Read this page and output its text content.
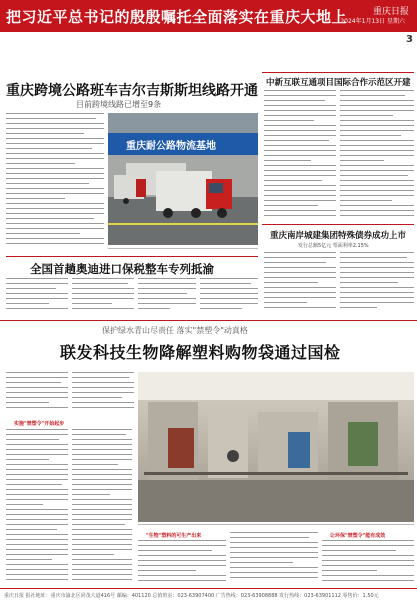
把习近平总书记的殷殷嘱托全面落实在重庆大地上	重庆日报
2024年1月13日 星期六
3
重庆跨境公路班车吉尔吉斯斯坦线路开通
目前跨境线路已增至9条
重庆耐公路物流基地
中新互联互通项目国际合作示范区开建
重庆南岸城建集团特殊债券成功上市
发行总额5亿元 票面利率2.15%
全国首趟奥迪进口保税整车专列抵渝
保护绿水青山尽责任 落实"禁塑令"动真格
联发科技生物降解塑料购物袋通过国检
实施"禁塑令"开始起步
"生物"塑料的可生产出来	让环保"禁塑令"能有成效
重庆日报 报社地址：重庆市渝北区同茂大道416号 邮编：401120 总值班室：023-63907400 广告热线：023-63908888 发行热线：023-63901112 零售价：1.50元
